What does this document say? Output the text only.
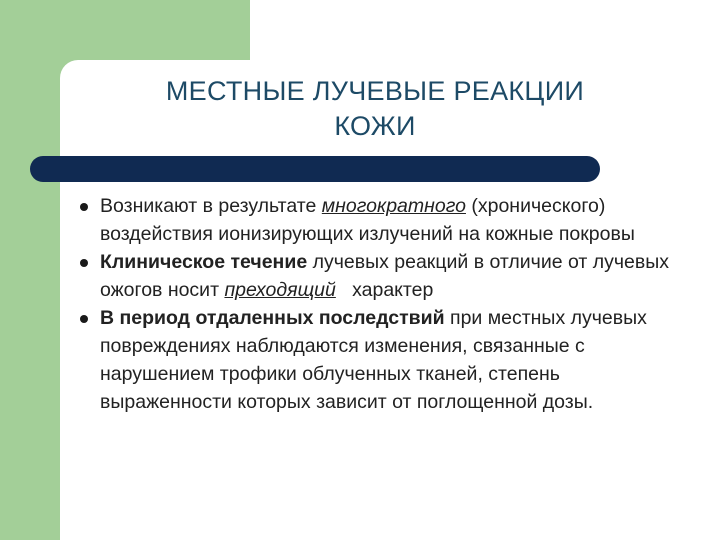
МЕСТНЫЕ ЛУЧЕВЫЕ РЕАКЦИИ
КОЖИ
Возникают в результате многократного (хронического) воздействия ионизирующих излучений на кожные покровы
Клиническое течение лучевых реакций в отличие от лучевых ожогов носит преходящий   характер
В период отдаленных последствий при местных лучевых повреждениях наблюдаются изменения, связанные с нарушением трофики облученных тканей, степень выраженности которых зависит от поглощенной дозы.
